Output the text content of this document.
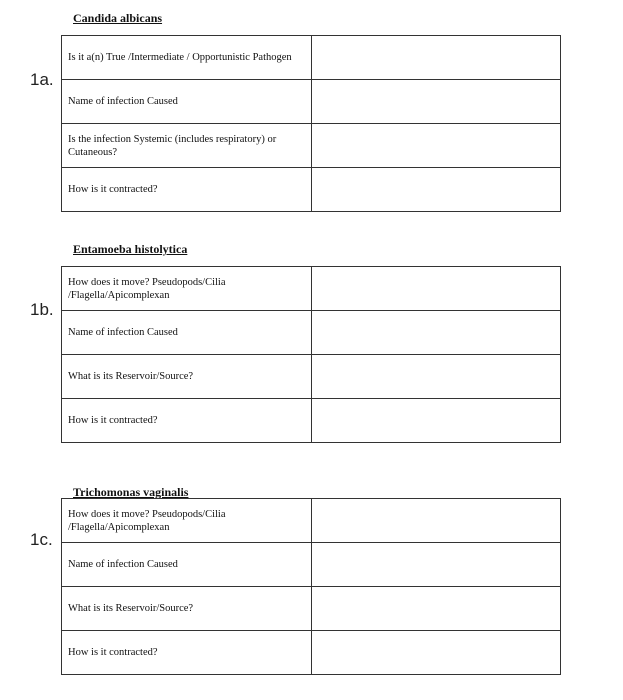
Candida albicans
1a.
Is it a(n) True /Intermediate / Opportunistic Pathogen	
Name of infection Caused	
Is the infection Systemic (includes respiratory) or Cutaneous?	
How is it contracted?	
Entamoeba histolytica
1b.
How does it move? Pseudopods/Cilia /Flagella/Apicomplexan	
Name of infection Caused	
What is its Reservoir/Source?	
How is it contracted?	
Trichomonas vaginalis
1c.
How does it move? Pseudopods/Cilia /Flagella/Apicomplexan	
Name of infection Caused	
What is its Reservoir/Source?	
How is it contracted?	
